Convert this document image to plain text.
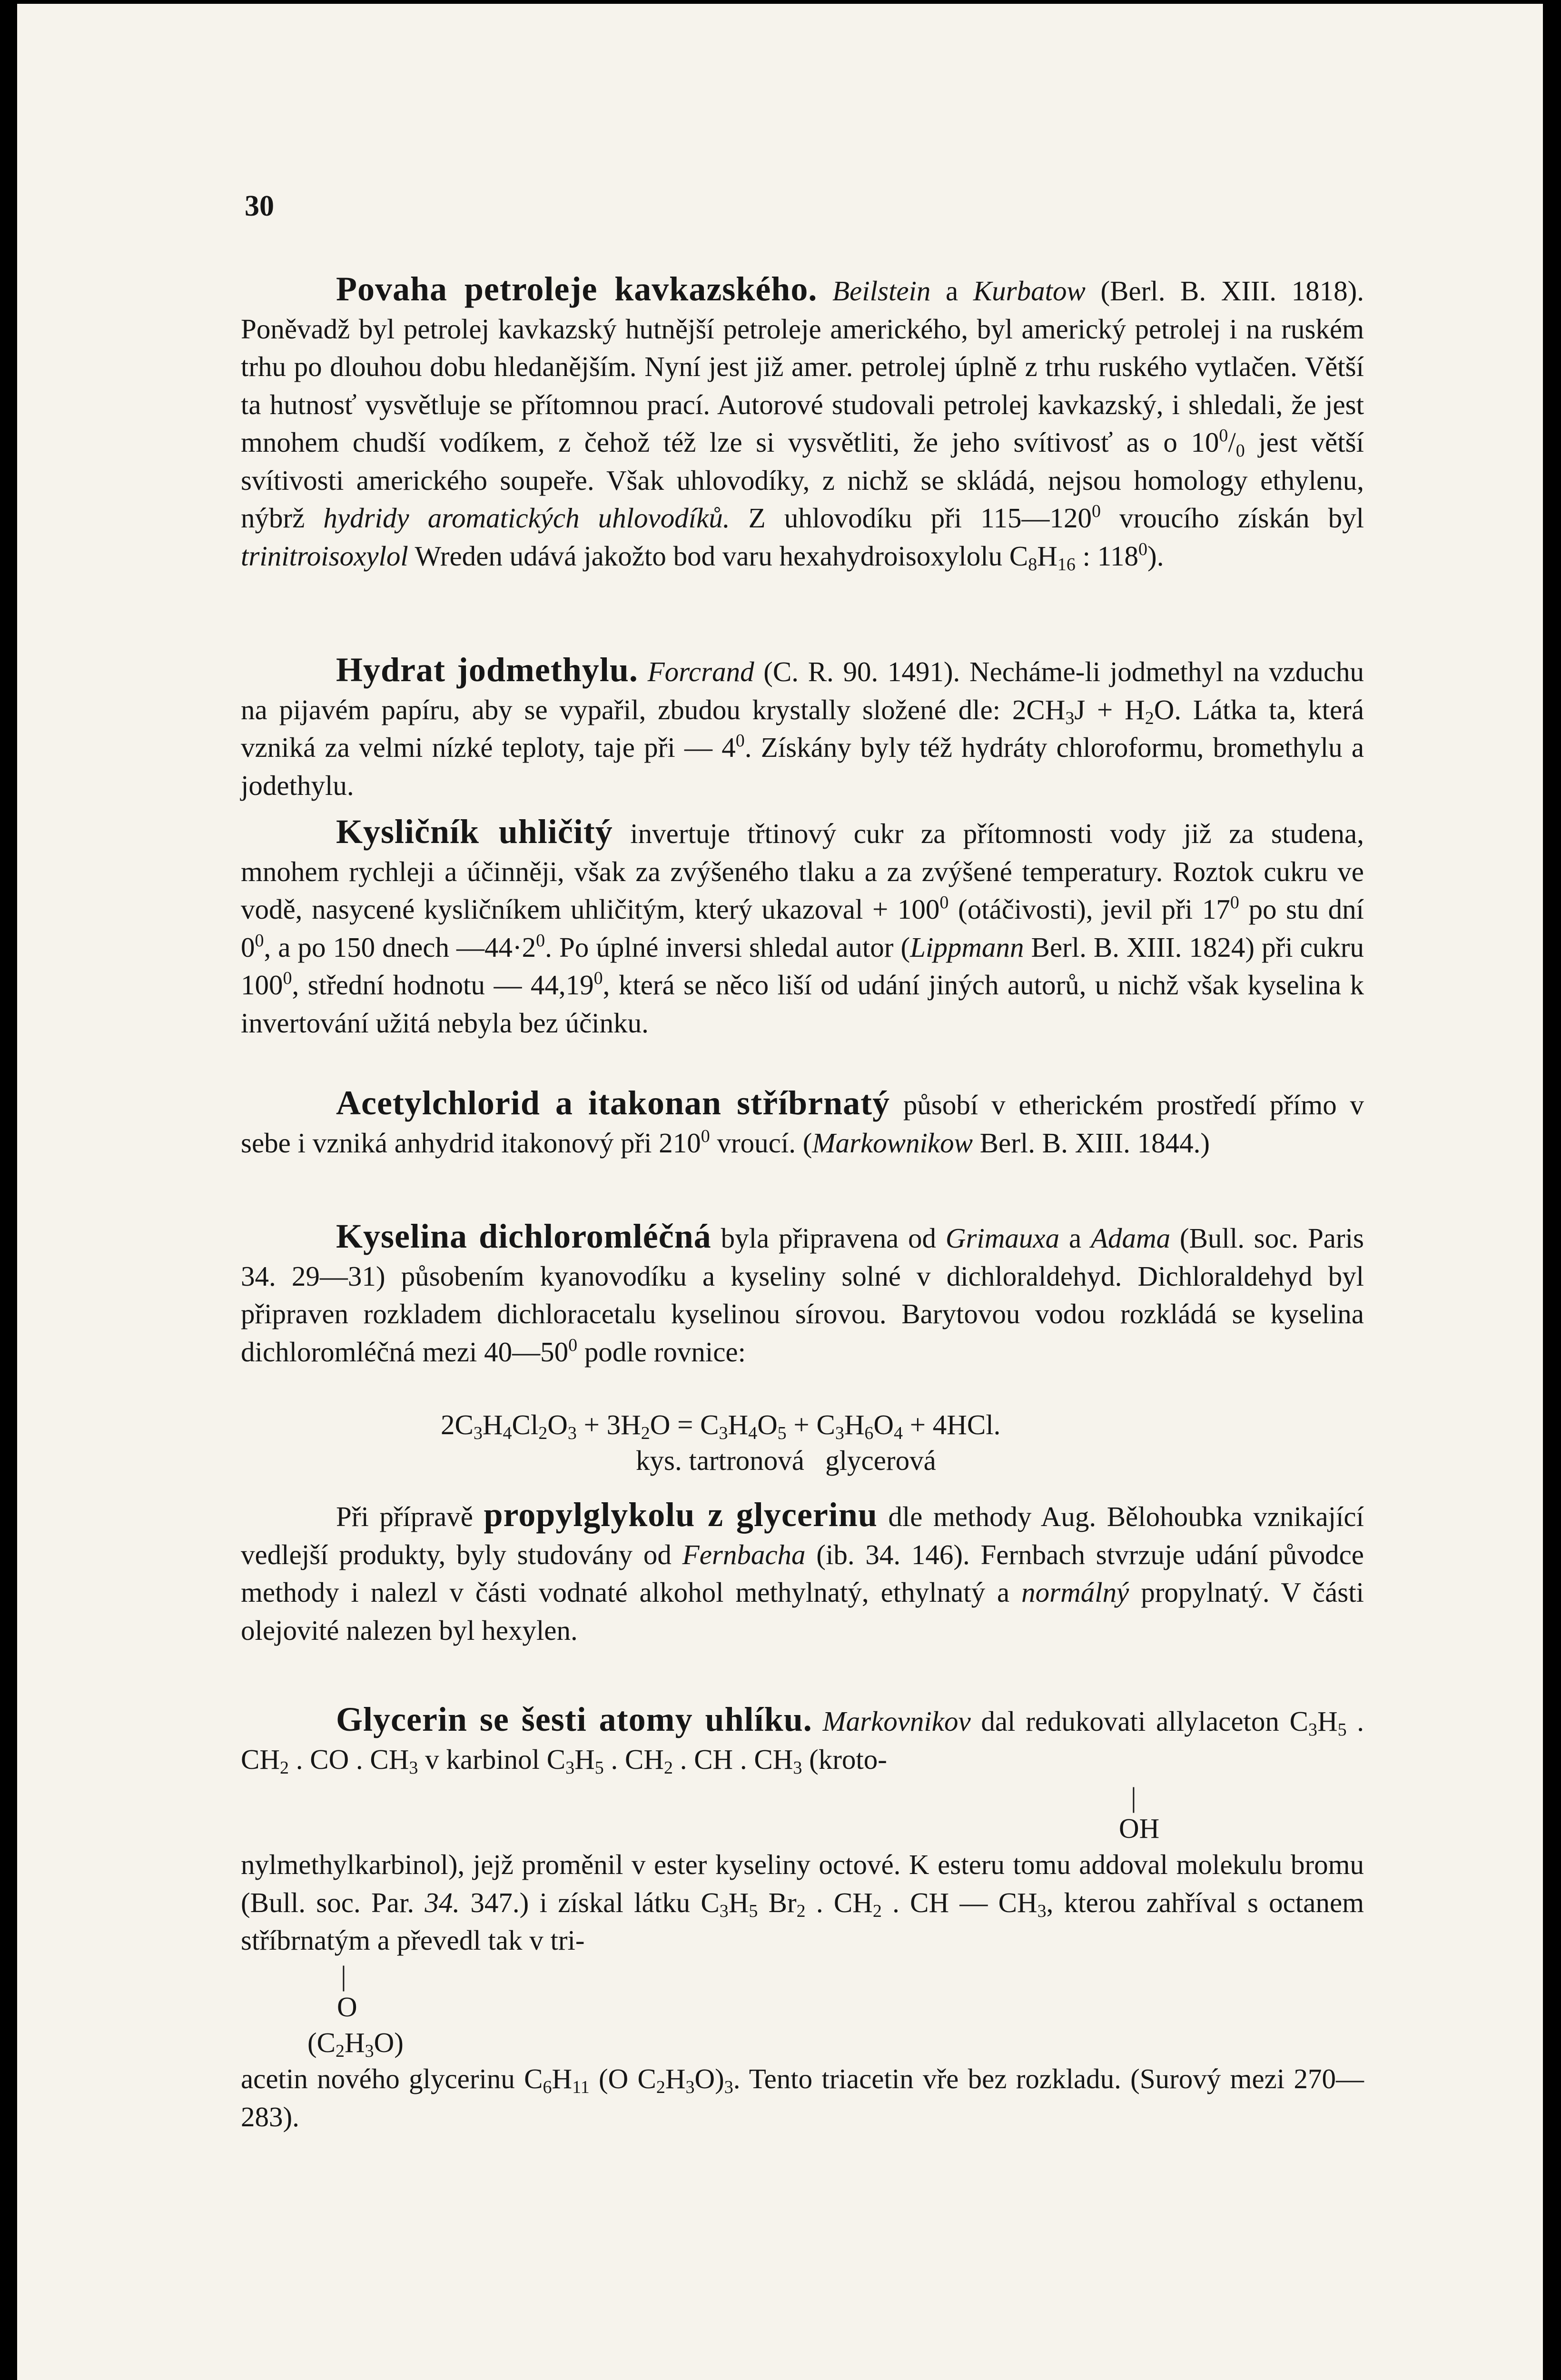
30

Povaha petroleje kavkazského. Beilstein a Kurbatow (Berl. B. XIII. 1818). Poněvadž byl petrolej kavkazský hutnější petroleje amerického, byl americký petrolej i na ruském trhu po dlouhou dobu hledanějším. Nyní jest již amer. petrolej úplně z trhu ruského vytlačen. Větší ta hutnosť vysvětluje se přítomnou prací. Autorové studovali petrolej kavkazský, i shledali, že jest mnohem chudší vodíkem, z čehož též lze si vysvětliti, že jeho svítivosť as o $10^0/_0$ jest větší svítivosti amerického soupeře. Však uhlovodíky, z nichž se skládá, nejsou homology ethylenu, nýbrž hydridy aromatických uhlovodíků. Z uhlovodíku při $115—120^0$ vroucího získán byl trinitroisoxylol Wreden udává jakožto bod varu hexahydroisoxylolu $C_8H_{16}$ : $118^0$).

Hydrat jodmethylu. Forcrand (C. R. 90. 1491). Necháme-li jodmethyl na vzduchu na pijavém papíru, aby se vypařil, zbudou krystally složené dle: $2CH_3J + H_2O$. Látka ta, která vzniká za velmi nízké teploty, taje při — $4^0$. Získány byly též hydráty chloroformu, bromethylu a jodethylu.

Kysličník uhličitý invertuje třtinový cukr za přítomnosti vody již za studena, mnohem rychleji a účinněji, však za zvýšeného tlaku a za zvýšené temperatury. Roztok cukru ve vodě, nasycené kysličníkem uhličitým, který ukazoval + $100^0$ (otáčivosti), jevil při $17^0$ po stu dní $0^0$, a po 150 dnech $—44\cdot 2^0$. Po úplné inversi shledal autor (Lippmann Berl. B. XIII. 1824) při cukru $100^0$, střední hodnotu — 44,19$^0$, která se něco liší od udání jiných autorů, u nichž však kyselina k invertování užitá nebyla bez účinku.

Acetylchlorid a itakonan stříbrnatý působí v etherickém prostředí přímo v sebe i vzniká anhydrid itakonový při $210^0$ vroucí. (Markownikow Berl. B. XIII. 1844.)

Kyselina dichloromléčná byla připravena od Grimauxa a Adama (Bull. soc. Paris 34. 29—31) působením kyanovodíku a kyseliny solné v dichloraldehyd. Dichloraldehyd byl připraven rozkladem dichloracetalu kyselinou sírovou. Barytovou vodou rozkládá se kyselina dichloromléčná mezi $40—50^0$ podle rovnice:

$2C_3H_4Cl_2O_3 + 3H_2O = C_3H_4O_5 + C_3H_6O_4 + 4HCl$.

kys. tartronová   glycerová

Při přípravě propylglykolu z glycerinu dle methody Aug. Bělohoubka vznikající vedlejší produkty, byly studovány od Fernbacha (ib. 34. 146). Fernbach stvrzuje udání původce methody i nalezl v části vodnaté alkohol methylnatý, ethylnatý a normálný propylnatý. V části olejovité nalezen byl hexylen.

Glycerin se šesti atomy uhlíku. Markovnikov dal redukovati allylaceton $C_3H_5$ . $CH_2$ . CO . $CH_3$ v karbinol $C_3H_5$ . $CH_2$ . CH . $CH_3$ (kroto-

|
OH

nylmethylkarbinol), jejž proměnil v ester kyseliny octové. K esteru tomu addoval molekulu bromu (Bull. soc. Par. 34. 347.) i získal látku $C_3H_5$ $Br_2$ . $CH_2$ . CH — $CH_3$, kterou zahříval s octanem stříbrnatým a převedl tak v tri-

|
O
$(C_2H_3O)$

acetin nového glycerinu $C_6H_{11}$ (O $C_2H_3O)_3$. Tento triacetin vře bez rozkladu. (Surový mezi 270—283).
